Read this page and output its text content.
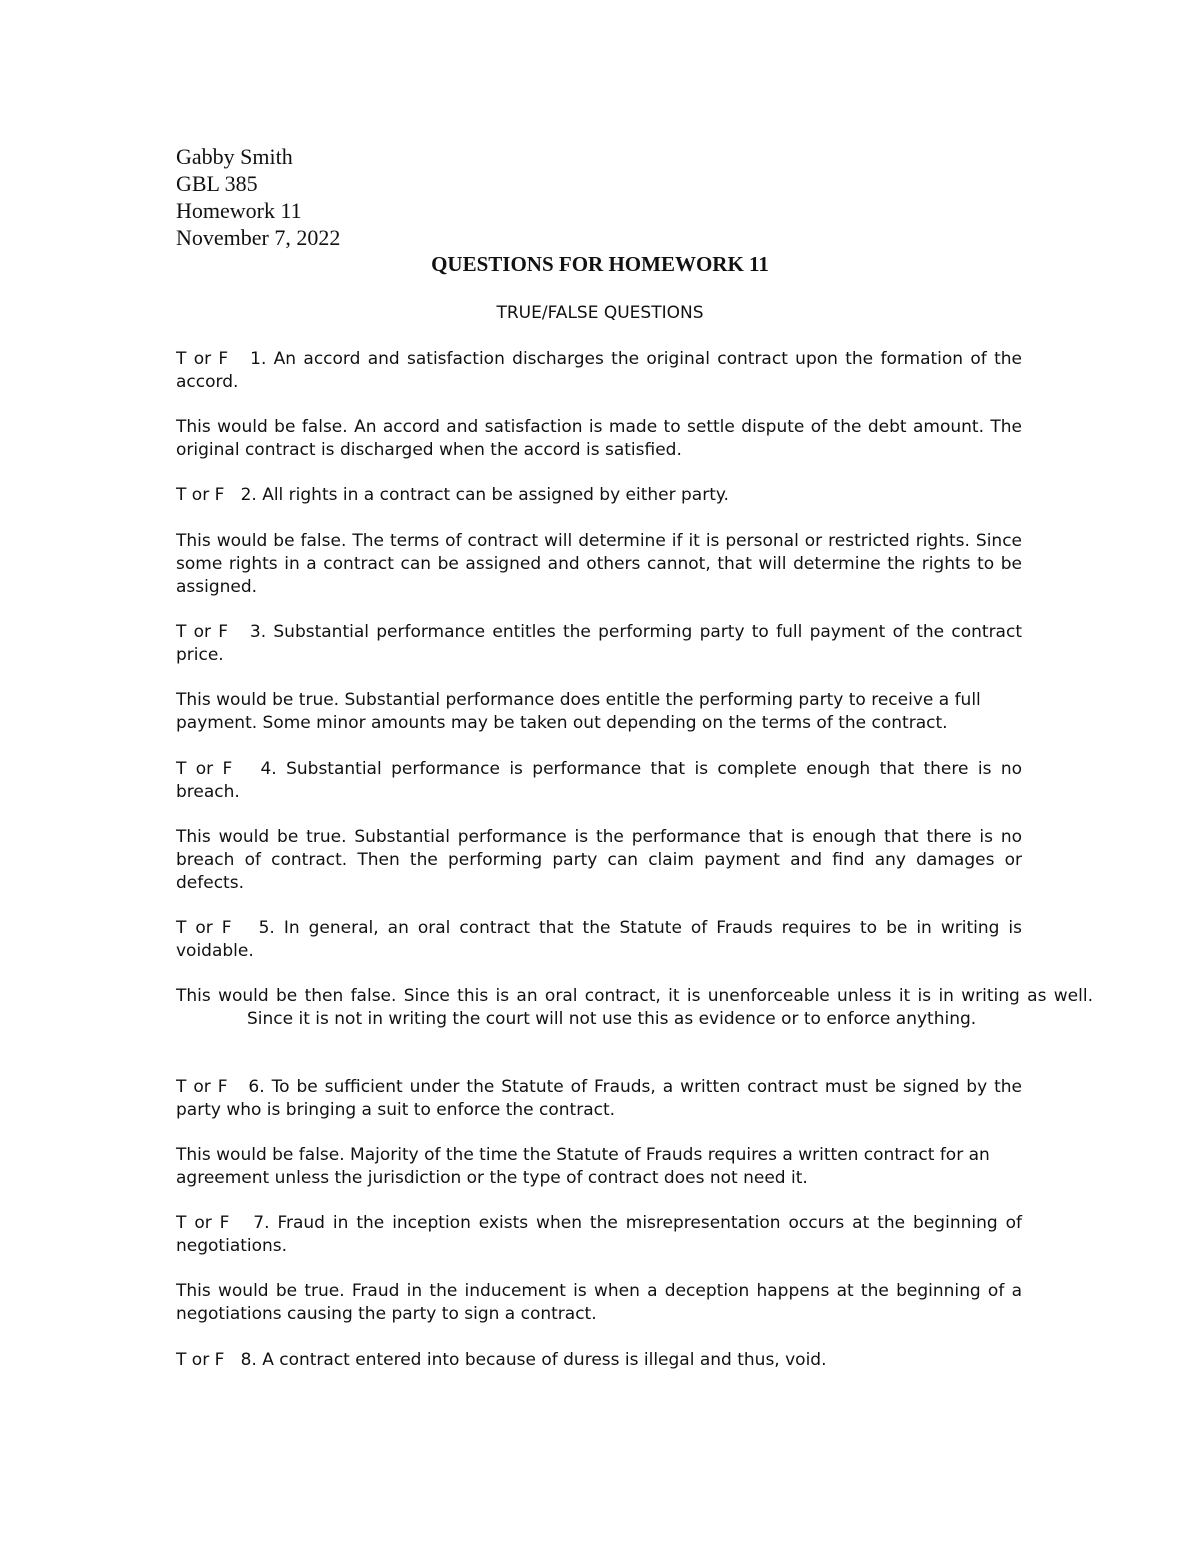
Gabby Smith
GBL 385
Homework 11
November 7, 2022
QUESTIONS FOR HOMEWORK 11
TRUE/FALSE QUESTIONS

T or F   1. An accord and satisfaction discharges the original contract upon the formation of the accord.

This would be false. An accord and satisfaction is made to settle dispute of the debt amount. The original contract is discharged when the accord is satisfied.

T or F   2. All rights in a contract can be assigned by either party.

This would be false. The terms of contract will determine if it is personal or restricted rights. Since some rights in a contract can be assigned and others cannot, that will determine the rights to be assigned.

T or F   3. Substantial performance entitles the performing party to full payment of the contract price.

This would be true. Substantial performance does entitle the performing party to receive a full payment. Some minor amounts may be taken out depending on the terms of the contract.

T or F   4. Substantial performance is performance that is complete enough that there is no breach.

This would be true. Substantial performance is the performance that is enough that there is no breach of contract. Then the performing party can claim payment and find any damages or defects.

T or F   5. In general, an oral contract that the Statute of Frauds requires to be in writing is voidable.

This would be then false. Since this is an oral contract, it is unenforceable unless it is in writing as well. Since it is not in writing the court will not use this as evidence or to enforce anything.

T or F   6. To be sufficient under the Statute of Frauds, a written contract must be signed by the party who is bringing a suit to enforce the contract.

This would be false. Majority of the time the Statute of Frauds requires a written contract for an agreement unless the jurisdiction or the type of contract does not need it.

T or F   7. Fraud in the inception exists when the misrepresentation occurs at the beginning of negotiations.

This would be true. Fraud in the inducement is when a deception happens at the beginning of a negotiations causing the party to sign a contract.

T or F   8. A contract entered into because of duress is illegal and thus, void.
